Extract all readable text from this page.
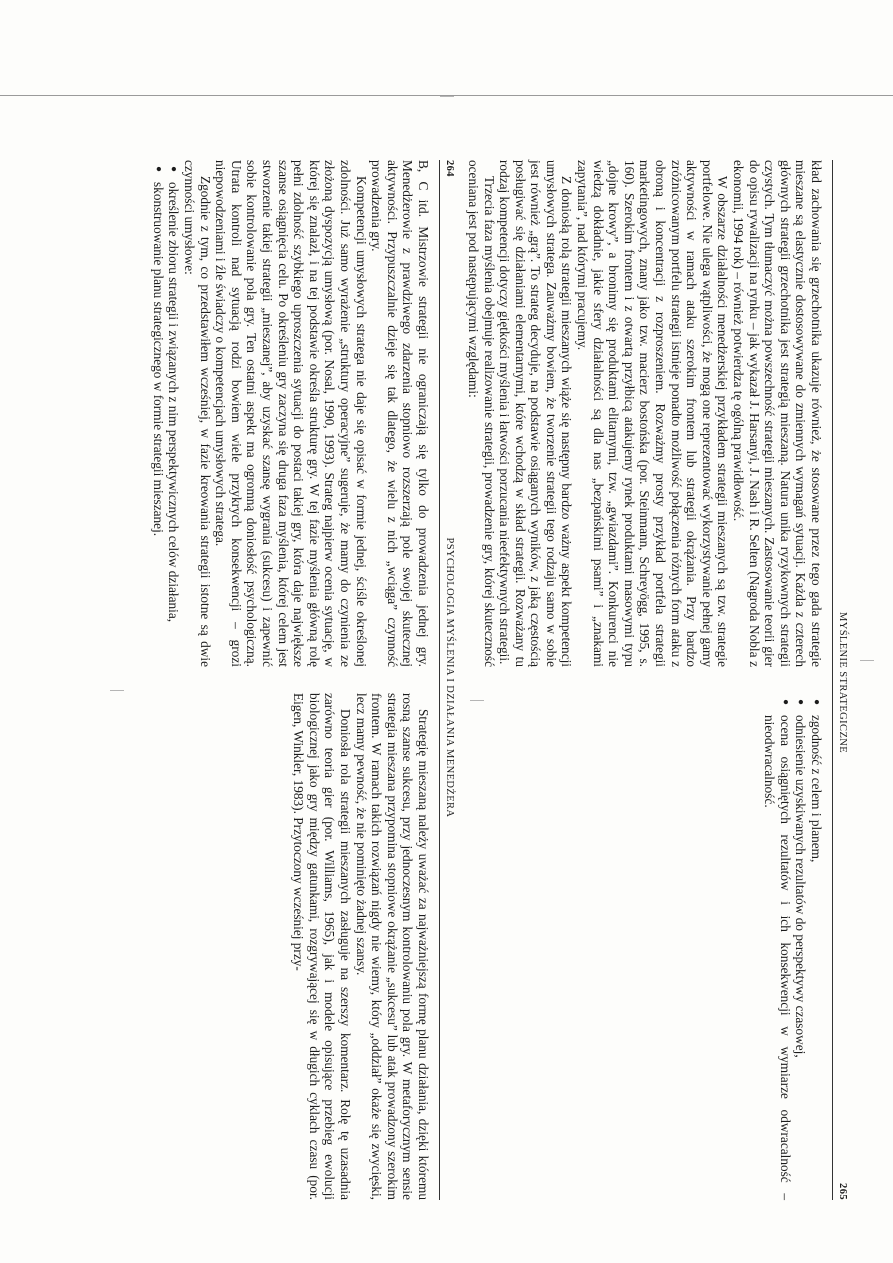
264
PSYCHOLOGIA MYŚLENIA I DZIAŁANIA MENEDŻERA

B, C itd. Mistrzowie strategii nie ograniczają się tylko do prowadzenia jednej gry. Menedżerowie z prawdziwego zdarzenia stopniowo rozszerzają pole swojej skutecznej aktywności. Przypuszczalnie dzieje się tak dlatego, że wielu z nich „wciąga” czynność prowadzenia gry.

Kompetencji umysłowych stratega nie daje się opisać w formie jednej, ściśle określonej zdolności. Już samo wyrażenie „struktury operacyjne” sugeruje, że mamy do czynienia ze złożoną dyspozycją umysłową (por. Nosal, 1990, 1993). Strateg najpierw ocenia sytuację, w której się znalazł, i na tej podstawie określa strukturę gry. W tej fazie myślenia główną rolę pełni zdolność szybkiego uproszczenia sytuacji do postaci takiej gry, która daje największe szanse osiągnięcia celu. Po określeniu gry zaczyna się druga faza myślenia, której celem jest stworzenie takiej strategii „mieszanej”, aby uzyskać szansę wygrania (sukcesu) i zapewnić sobie kontrolowanie pola gry. Ten ostatni aspekt ma ogromną doniosłość psychologiczną. Utrata kontroli nad sytuacją rodzi bowiem wiele przykrych konsekwencji – grozi niepowodzeniami i źle świadczy o kompetencjach umysłowych stratega.

Zgodnie z tym, co przedstawiłem wcześniej, w fazie kreowania strategii istotne są dwie czynności umysłowe:

● określenie zbioru strategii i związanych z nim perspektywicznych celów działania,
● skonstruowanie planu strategicznego w formie strategii mieszanej.

Strategię mieszaną należy uważać za najważniejszą formę planu działania, dzięki któremu rosną szanse sukcesu, przy jednoczesnym kontrolowaniu pola gry. W metaforycznym sensie strategia mieszana przypomina stopniowe okrążanie „sukcesu” lub atak prowadzony szerokim frontem. W ramach takich rozwiązań nigdy nie wiemy, który „oddział” okaże się zwycięski, lecz mamy pewność, że nie pominięto żadnej szansy.

Doniosła rola strategii mieszanych zasługuje na szerszy komentarz. Rolę tę uzasadnia zarówno teoria gier (por. Williams, 1965), jak i modele opisujące przebieg ewolucji biologicznej jako gry między gatunkami, rozgrywającej się w długich cyklach czasu (por. Eigen, Winkler, 1983). Przytoczony wcześniej przy-

MYŚLENIE STRATEGICZNE
265

kład zachowania się grzechotnika ukazuje również, że stosowane przez tego gada strategie mieszane są elastycznie dostosowywane do zmiennych wymagań sytuacji. Każda z czterech głównych strategii grzechotnika jest strategią mieszaną. Natura unika ryzykownych strategii czystych. Tym tłumaczyć można powszechność strategii mieszanych. Zastosowanie teorii gier do opisu rywalizacji na rynku – jak wykazał J. Harsanyi, J. Nash i R. Selten (Nagroda Nobla z ekonomii, 1994 rok) – również potwierdza tę ogólną prawidłowość.

W obszarze działalności menedżerskiej przykładem strategii mieszanych są tzw. strategie portfelowe. Nie ulega wątpliwości, że mogą one reprezentować wykorzystywanie pełnej gamy aktywności w ramach ataku szerokim frontem lub strategii okrążania. Przy bardzo zróżnicowanym portfelu strategii istnieje ponadto możliwość połączenia różnych form ataku z obroną i koncentracji z rozproszeniem. Rozważmy prosty przykład portfela strategii marketingowych, znany jako tzw. macierz bostońska (por. Steinmann, Schreyögg, 1995, s. 160). Szerokim frontem i z otwartą przyłbicą atakujemy rynek produktami masowymi typu „dojne krowy”, a bronimy się produktami elitarnymi, tzw. „gwiazdami”. Konkurenci nie wiedzą dokładnie, jakie sfery działalności są dla nas „bezpańskimi psami” i „znakami zapytania”, nad którymi pracujemy.

Z doniosłą rolą strategii mieszanych wiąże się następny bardzo ważny aspekt kompetencji umysłowych stratega. Zauważmy bowiem, że tworzenie strategii tego rodzaju samo w sobie jest również „grą”. To strateg decyduje, na podstawie osiąganych wyników, z jaką częstością posługiwać się działaniami elementarnymi, które wchodzą w skład strategii. Rozważany tu rodzaj kompetencji dotyczy giętkości myślenia i łatwości porzucania nieefektywnych strategii.

Trzecia faza myślenia obejmuje realizowanie strategii, prowadzenie gry, której skuteczność oceniana jest pod następującymi względami:

● zgodność z celem i planem,
● odniesienie uzyskiwanych rezultatów do perspektywy czasowej,
● ocena osiągniętych rezultatów i ich konsekwencji w wymiarze odwracalność – nieodwracalność.
